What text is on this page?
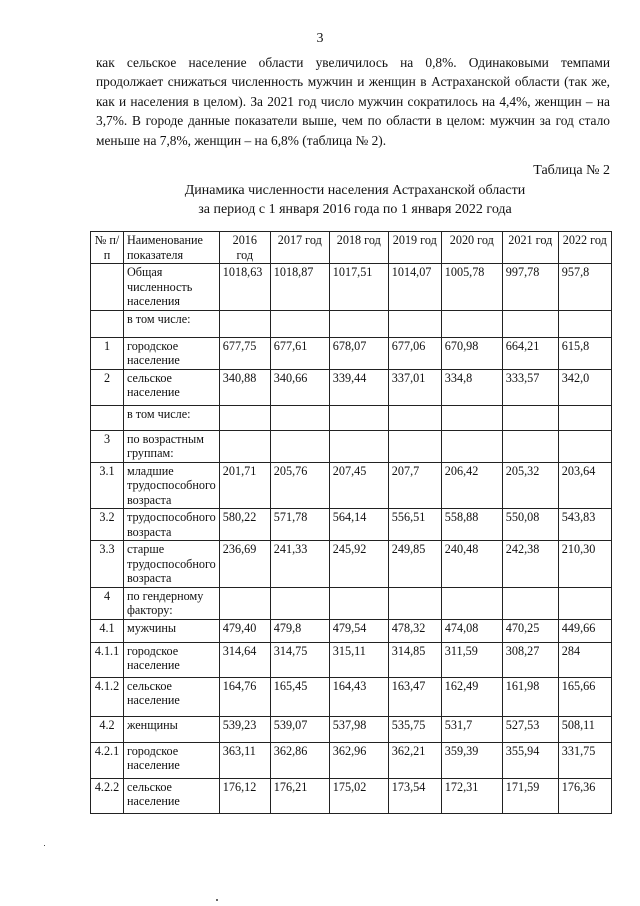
3

как сельское население области увеличилось на 0,8%. Одинаковыми темпами продолжает снижаться численность мужчин и женщин в Астраханской области (так же, как и населения в целом). За 2021 год число мужчин сократилось на 4,4%, женщин – на 3,7%. В городе данные показатели выше, чем по области в целом: мужчин за год стало меньше на 7,8%, женщин – на 6,8% (таблица № 2).

Таблица № 2
Динамика численности населения Астраханской области
за период с 1 января 2016 года по 1 января 2022 года
№ п/п	Наименование показателя	2016 год	2017 год	2018 год	2019 год	2020 год	2021 год	2022 год
	Общая численность населения	1018,63	1018,87	1017,51	1014,07	1005,78	997,78	957,8
	в том числе:							
1	городское население	677,75	677,61	678,07	677,06	670,98	664,21	615,8
2	сельское население	340,88	340,66	339,44	337,01	334,8	333,57	342,0
	в том числе:							
3	по возрастным группам:							
3.1	младшие трудоспособного возраста	201,71	205,76	207,45	207,7	206,42	205,32	203,64
3.2	трудоспособного возраста	580,22	571,78	564,14	556,51	558,88	550,08	543,83
3.3	старше трудоспособного возраста	236,69	241,33	245,92	249,85	240,48	242,38	210,30
4	по гендерному фактору:							
4.1	мужчины	479,40	479,8	479,54	478,32	474,08	470,25	449,66
4.1.1	городское население	314,64	314,75	315,11	314,85	311,59	308,27	284
4.1.2	сельское население	164,76	165,45	164,43	163,47	162,49	161,98	165,66
4.2	женщины	539,23	539,07	537,98	535,75	531,7	527,53	508,11
4.2.1	городское население	363,11	362,86	362,96	362,21	359,39	355,94	331,75
4.2.2	сельское население	176,12	176,21	175,02	173,54	172,31	171,59	176,36
